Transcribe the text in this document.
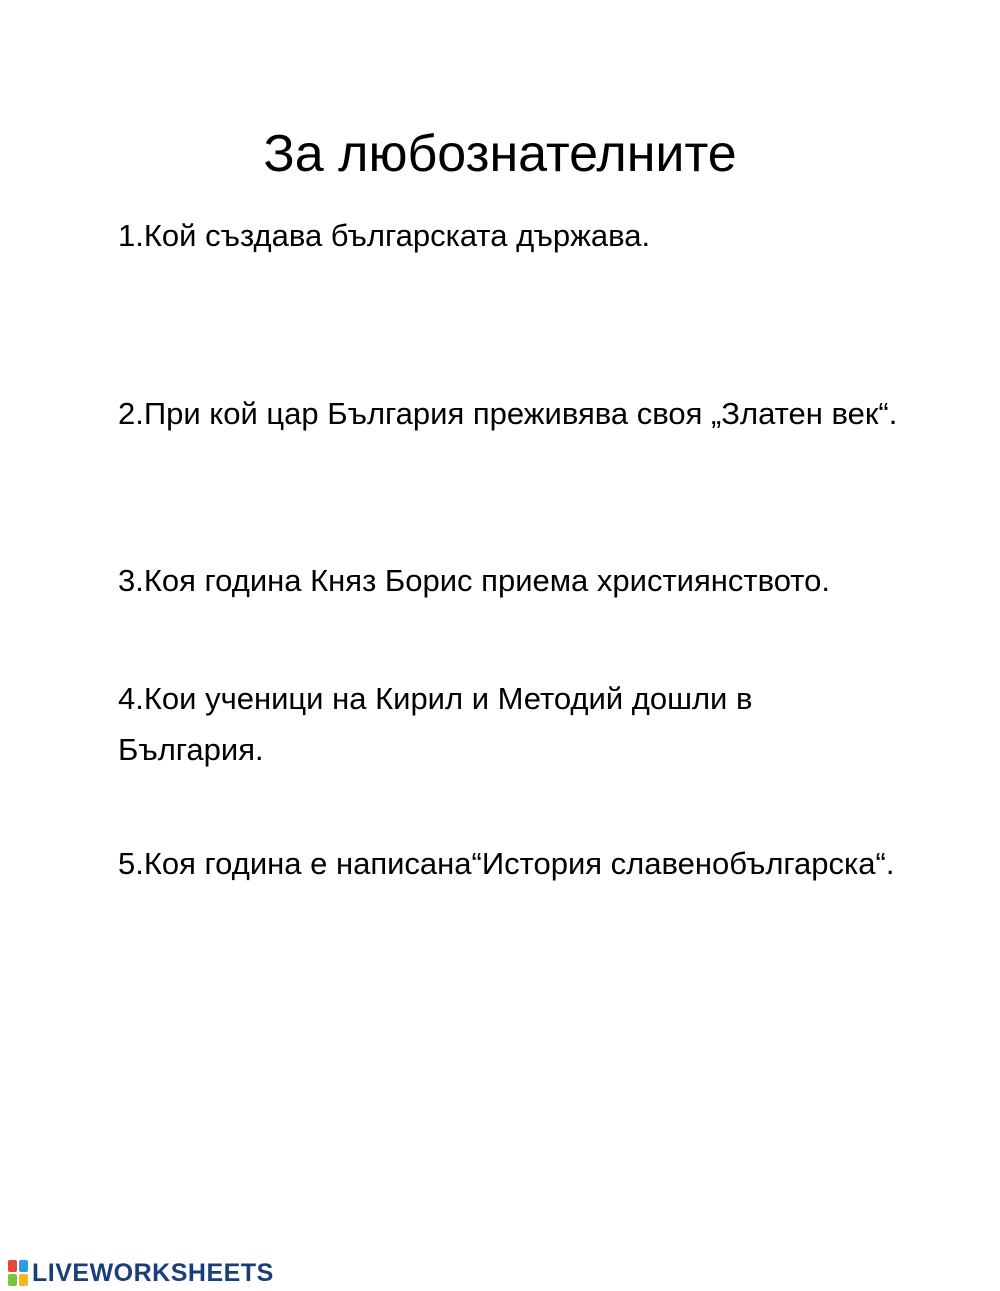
За любознателните

1.Кой създава българската държава.

2.При кой цар България преживява своя „Златен век“.

3.Коя година Княз Борис приема християнството.

4.Кои ученици на Кирил и Методий дошли в България.

5.Коя година е написана“История славенобългарска“.

LIVEWORKSHEETS
